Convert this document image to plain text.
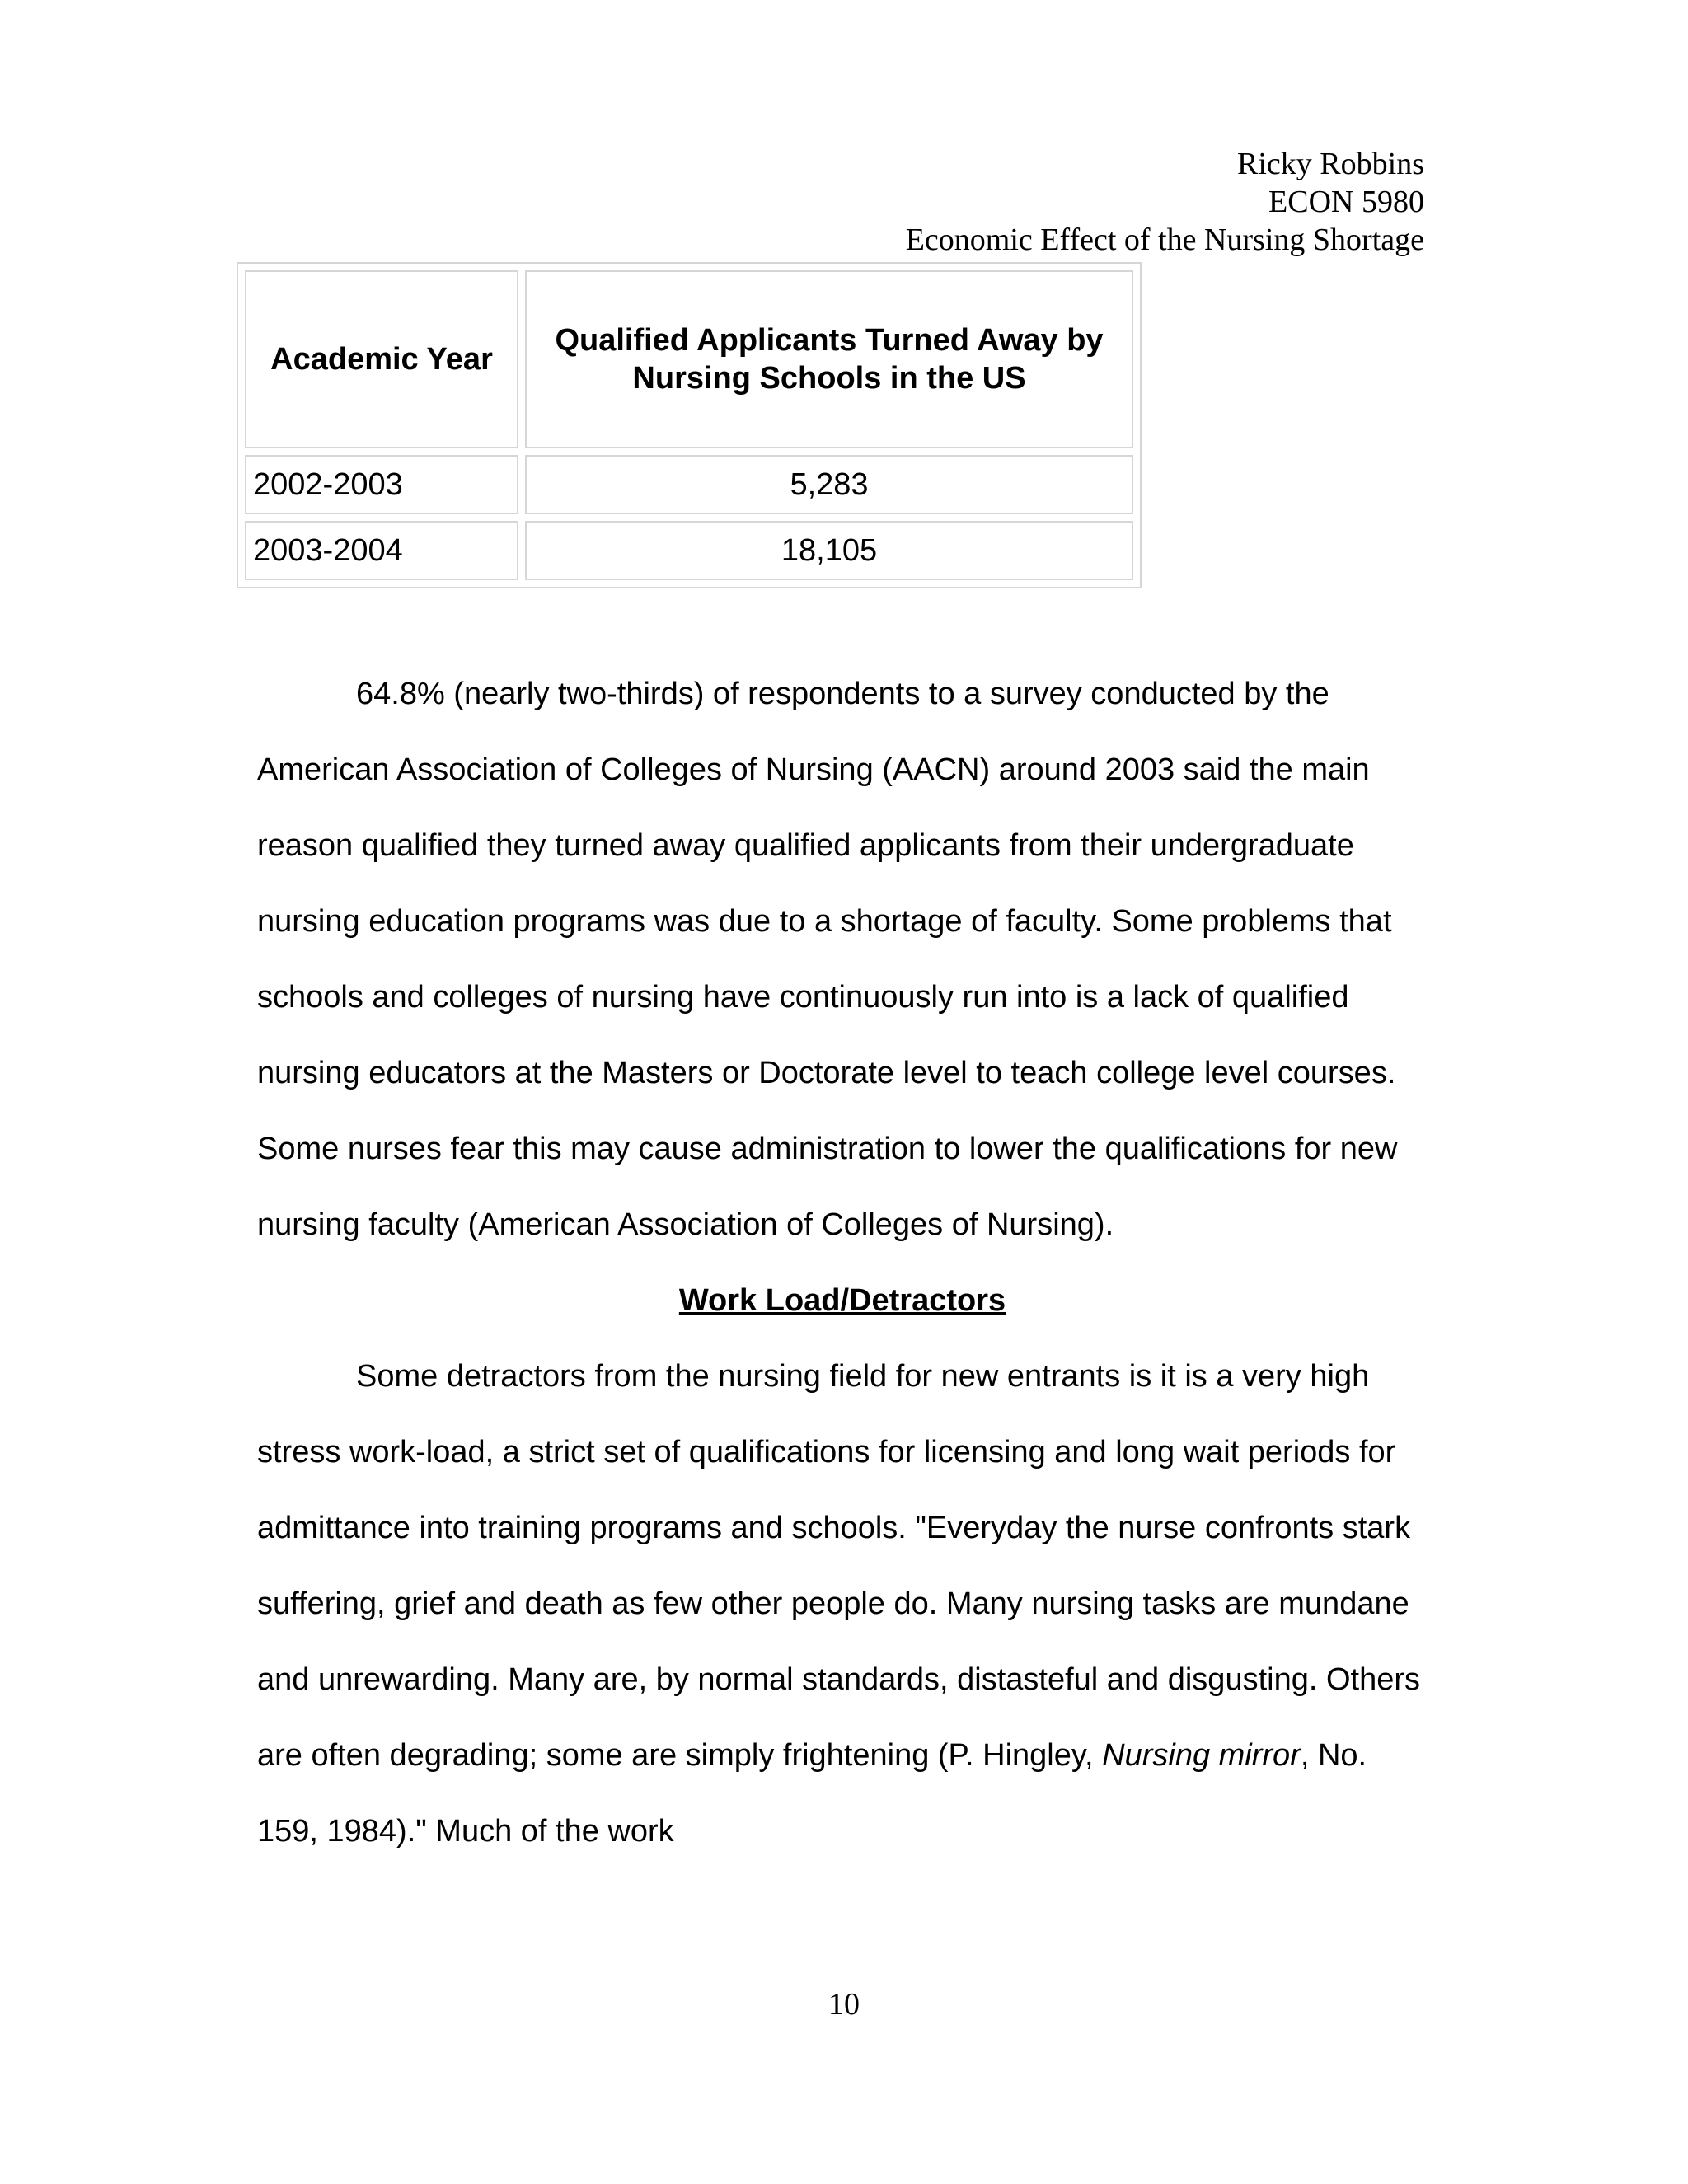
Ricky Robbins
ECON 5980
Economic Effect of the Nursing Shortage
Academic Year	Qualified Applicants Turned Away by Nursing Schools in the US
2002-2003	5,283
2003-2004	18,105

64.8% (nearly two-thirds) of respondents to a survey conducted by the American Association of Colleges of Nursing (AACN) around 2003 said the main reason qualified they turned away qualified applicants from their undergraduate nursing education programs was due to a shortage of faculty. Some problems that schools and colleges of nursing have continuously run into is a lack of qualified nursing educators at the Masters or Doctorate level to teach college level courses. Some nurses fear this may cause administration to lower the qualifications for new nursing faculty (American Association of Colleges of Nursing).

Work Load/Detractors

Some detractors from the nursing field for new entrants is it is a very high stress work-load, a strict set of qualifications for licensing and long wait periods for admittance into training programs and schools. "Everyday the nurse confronts stark suffering, grief and death as few other people do. Many nursing tasks are mundane and unrewarding. Many are, by normal standards, distasteful and disgusting. Others are often degrading; some are simply frightening (P. Hingley, Nursing mirror, No. 159, 1984)." Much of the work

10
